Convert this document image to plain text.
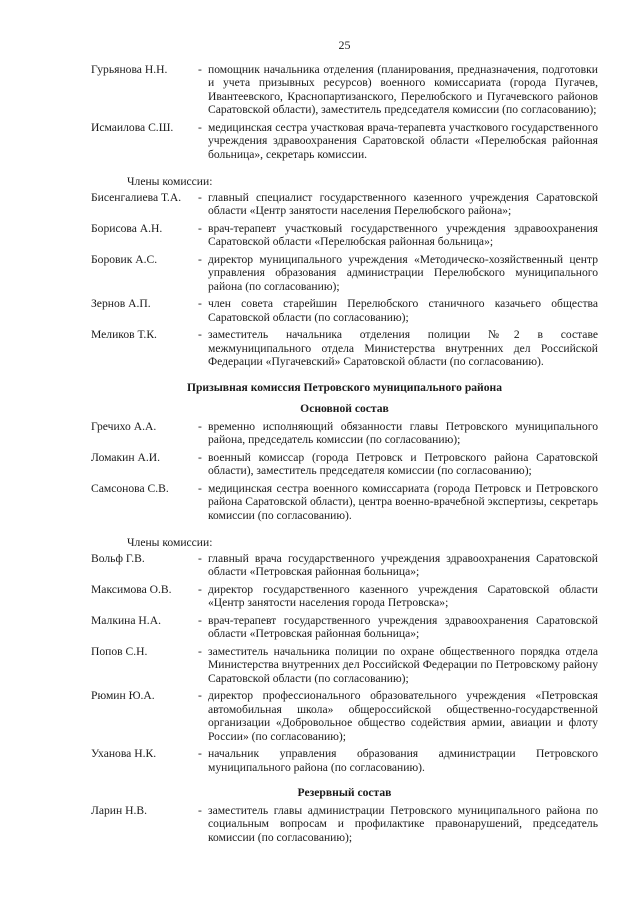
25
Гурьянова Н.Н.	- помощник начальника отделения (планирования, предназначения, подготовки и учета призывных ресурсов) военного комиссариата (города Пугачев, Ивантеевского, Краснопартизанского, Перелюбского и Пугачевского районов Саратовской области), заместитель председателя комиссии (по согласованию);
Исмаилова С.Ш.	- медицинская сестра участковая врача-терапевта участкового государственного учреждения здравоохранения Саратовской области «Перелюбская районная больница», секретарь комиссии.
Члены комиссии:
Бисенгалиева Т.А.	- главный специалист государственного казенного учреждения Саратовской области «Центр занятости населения Перелюбского района»;
Борисова А.Н.	- врач-терапевт участковый государственного учреждения здравоохранения Саратовской области «Перелюбская районная больница»;
Боровик А.С.	- директор муниципального учреждения «Методическо-хозяйственный центр управления образования администрации Перелюбского муниципального района (по согласованию);
Зернов А.П.	- член совета старейшин Перелюбского станичного казачьего общества Саратовской области (по согласованию);
Меликов Т.К.	- заместитель начальника отделения полиции №2 в составе межмуниципального отдела Министерства внутренних дел Российской Федерации «Пугачевский» Саратовской области (по согласованию).
Призывная комиссия Петровского муниципального района
Основной состав
Гречихо А.А.	- временно исполняющий обязанности главы Петровского муниципального района, председатель комиссии (по согласованию);
Ломакин А.И.	- военный комиссар (города Петровск и Петровского района Саратовской области), заместитель председателя комиссии (по согласованию);
Самсонова С.В.	- медицинская сестра военного комиссариата (города Петровск и Петровского района Саратовской области), центра военно-врачебной экспертизы, секретарь комиссии (по согласованию).
Члены комиссии:
Вольф Г.В.	- главный врача государственного учреждения здравоохранения Саратовской области «Петровская районная больница»;
Максимова О.В.	- директор государственного казенного учреждения Саратовской области «Центр занятости населения города Петровска»;
Малкина Н.А.	- врач-терапевт государственного учреждения здравоохранения Саратовской области «Петровская районная больница»;
Попов С.Н.	- заместитель начальника полиции по охране общественного порядка отдела Министерства внутренних дел Российской Федерации по Петровскому району Саратовской области (по согласованию);
Рюмин Ю.А.	- директор профессионального образовательного учреждения «Петровская автомобильная школа» общероссийской общественно-государственной организации «Добровольное общество содействия армии, авиации и флоту России» (по согласованию);
Уханова Н.К.	- начальник управления образования администрации Петровского муниципального района (по согласованию).
Резервный состав
Ларин Н.В.	- заместитель главы администрации Петровского муниципального района по социальным вопросам и профилактике правонарушений, председатель комиссии (по согласованию);
